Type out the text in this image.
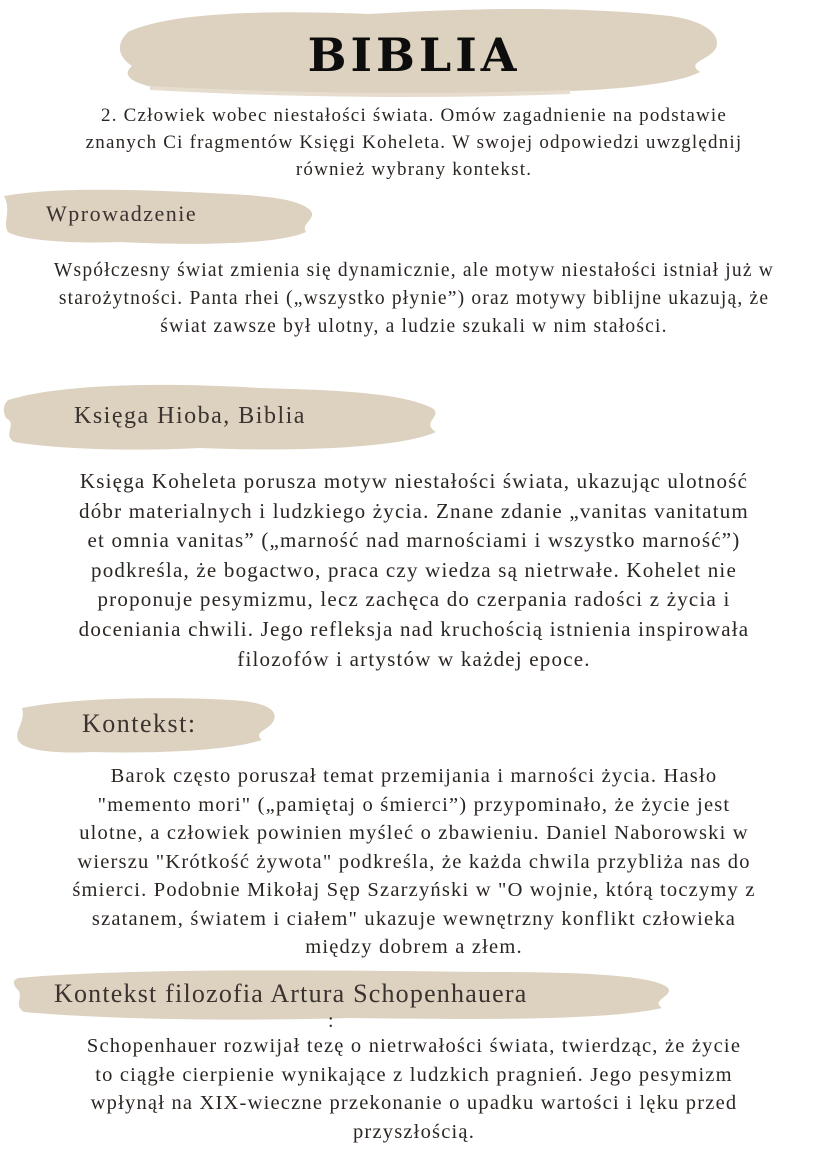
BIBLIA
2. Człowiek wobec niestałości świata. Omów zagadnienie na podstawie
znanych Ci fragmentów Księgi Koheleta. W swojej odpowiedzi uwzględnij
również wybrany kontekst.
Wprowadzenie
Współczesny świat zmienia się dynamicznie, ale motyw niestałości istniał już w
starożytności. Panta rhei („wszystko płynie”) oraz motywy biblijne ukazują, że
świat zawsze był ulotny, a ludzie szukali w nim stałości.
Księga Hioba, Biblia
Księga Koheleta porusza motyw niestałości świata, ukazując ulotność
dóbr materialnych i ludzkiego życia. Znane zdanie „vanitas vanitatum
et omnia vanitas” („marność nad marnościami i wszystko marność”)
podkreśla, że bogactwo, praca czy wiedza są nietrwałe. Kohelet nie
proponuje pesymizmu, lecz zachęca do czerpania radości z życia i
doceniania chwili. Jego refleksja nad kruchością istnienia inspirowała
filozofów i artystów w każdej epoce.
Kontekst:
Barok często poruszał temat przemijania i marności życia. Hasło
"memento mori" („pamiętaj o śmierci”) przypominało, że życie jest
ulotne, a człowiek powinien myśleć o zbawieniu. Daniel Naborowski w
wierszu "Krótkość żywota" podkreśla, że każda chwila przybliża nas do
śmierci. Podobnie Mikołaj Sęp Szarzyński w "O wojnie, którą toczymy z
szatanem, światem i ciałem" ukazuje wewnętrzny konflikt człowieka
między dobrem a złem.
Kontekst filozofia Artura Schopenhauera
:
Schopenhauer rozwijał tezę o nietrwałości świata, twierdząc, że życie
to ciągłe cierpienie wynikające z ludzkich pragnień. Jego pesymizm
wpłynął na XIX-wieczne przekonanie o upadku wartości i lęku przed
przyszłością.
